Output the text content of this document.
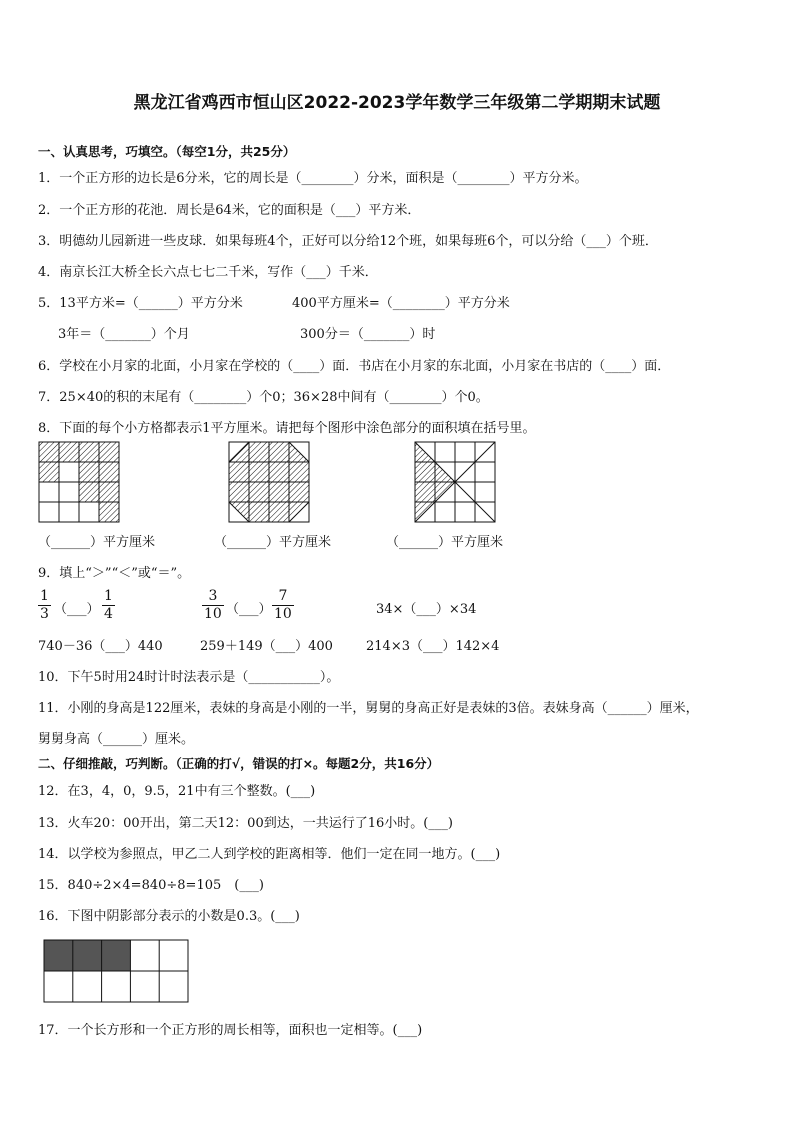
黑龙江省鸡西市恒山区2022-2023学年数学三年级第二学期期末试题
一、认真思考，巧填空。（每空1分，共25分）
1．一个正方形的边长是6分米，它的周长是（________）分米，面积是（________）平方分米。
2．一个正方形的花池．周长是64米，它的面积是（___）平方米．
3．明德幼儿园新进一些皮球．如果每班4个，正好可以分给12个班，如果每班6个，可以分给（___）个班．
4．南京长江大桥全长六点七七二千米，写作（___）千米．
5．13平方米=（______）平方分米	400平方厘米=（________）平方分米
3年＝（_______）个月	300分＝（_______）时
6．学校在小月家的北面，小月家在学校的（____）面．书店在小月家的东北面，小月家在书店的（____）面．
7．25×40的积的末尾有（________）个0；36×28中间有（________）个0。
8．下面的每个小方格都表示1平方厘米。请把每个图形中涂色部分的面积填在括号里。
（______）平方厘米	（______）平方厘米	（______）平方厘米
9．填上“＞”“＜”或“＝”。
$\frac{1}{3}$ （___） $\frac{1}{4}$	$\frac{3}{10}$ （___） $\frac{7}{10}$	34×（___）×34
740－36（___）440	259＋149（___）400	214×3（___）142×4
10．下午5时用24时计时法表示是（___________）。
11．小刚的身高是122厘米，表妹的身高是小刚的一半，舅舅的身高正好是表妹的3倍。表妹身高（______）厘米，
舅舅身高（______）厘米。
二、仔细推敲，巧判断。（正确的打√，错误的打×。每题2分，共16分）
12．在3，4，0，9.5，21中有三个整数。(___)
13．火车20：00开出，第二天12：00到达，一共运行了16小时。(___)
14．以学校为参照点，甲乙二人到学校的距离相等．他们一定在同一地方。(___)
15．840÷2×4=840÷8=105　(___)
16．下图中阴影部分表示的小数是0.3。(___)
17．一个长方形和一个正方形的周长相等，面积也一定相等。(___)
